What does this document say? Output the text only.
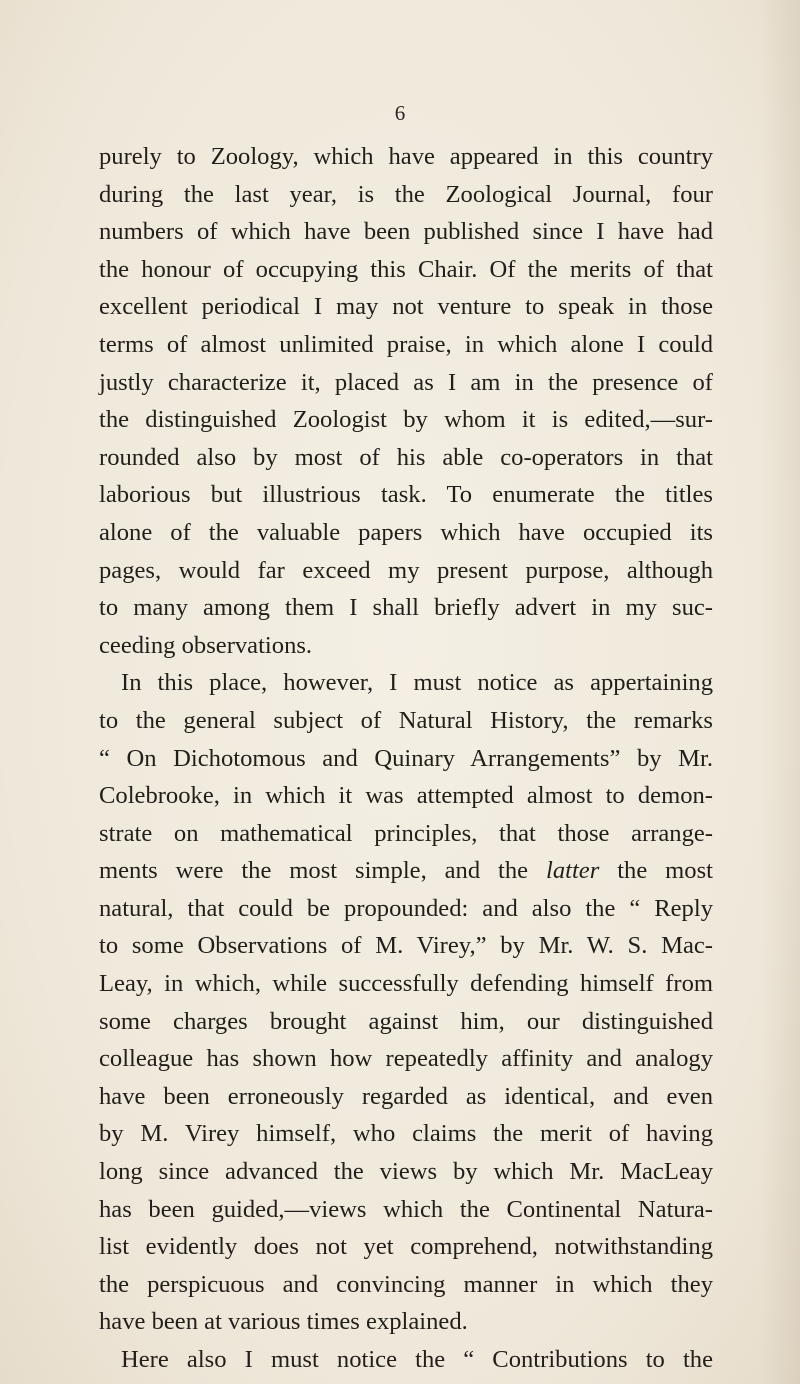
6
purely to Zoology, which have appeared in this country
during the last year, is the Zoological Journal, four
numbers of which have been published since I have had
the honour of occupying this Chair. Of the merits of that
excellent periodical I may not venture to speak in those
terms of almost unlimited praise, in which alone I could
justly characterize it, placed as I am in the presence of
the distinguished Zoologist by whom it is edited,—sur-
rounded also by most of his able co-operators in that
laborious but illustrious task. To enumerate the titles
alone of the valuable papers which have occupied its
pages, would far exceed my present purpose, although
to many among them I shall briefly advert in my suc-
ceeding observations.
In this place, however, I must notice as appertaining
to the general subject of Natural History, the remarks
“ On Dichotomous and Quinary Arrangements” by Mr.
Colebrooke, in which it was attempted almost to demon-
strate on mathematical principles, that those arrange-
ments were the most simple, and the latter the most
natural, that could be propounded: and also the “ Reply
to some Observations of M. Virey,” by Mr. W. S. Mac-
Leay, in which, while successfully defending himself from
some charges brought against him, our distinguished
colleague has shown how repeatedly affinity and analogy
have been erroneously regarded as identical, and even
by M. Virey himself, who claims the merit of having
long since advanced the views by which Mr. MacLeay
has been guided,—views which the Continental Natura-
list evidently does not yet comprehend, notwithstanding
the perspicuous and convincing manner in which they
have been at various times explained.
Here also I must notice the “ Contributions to the
